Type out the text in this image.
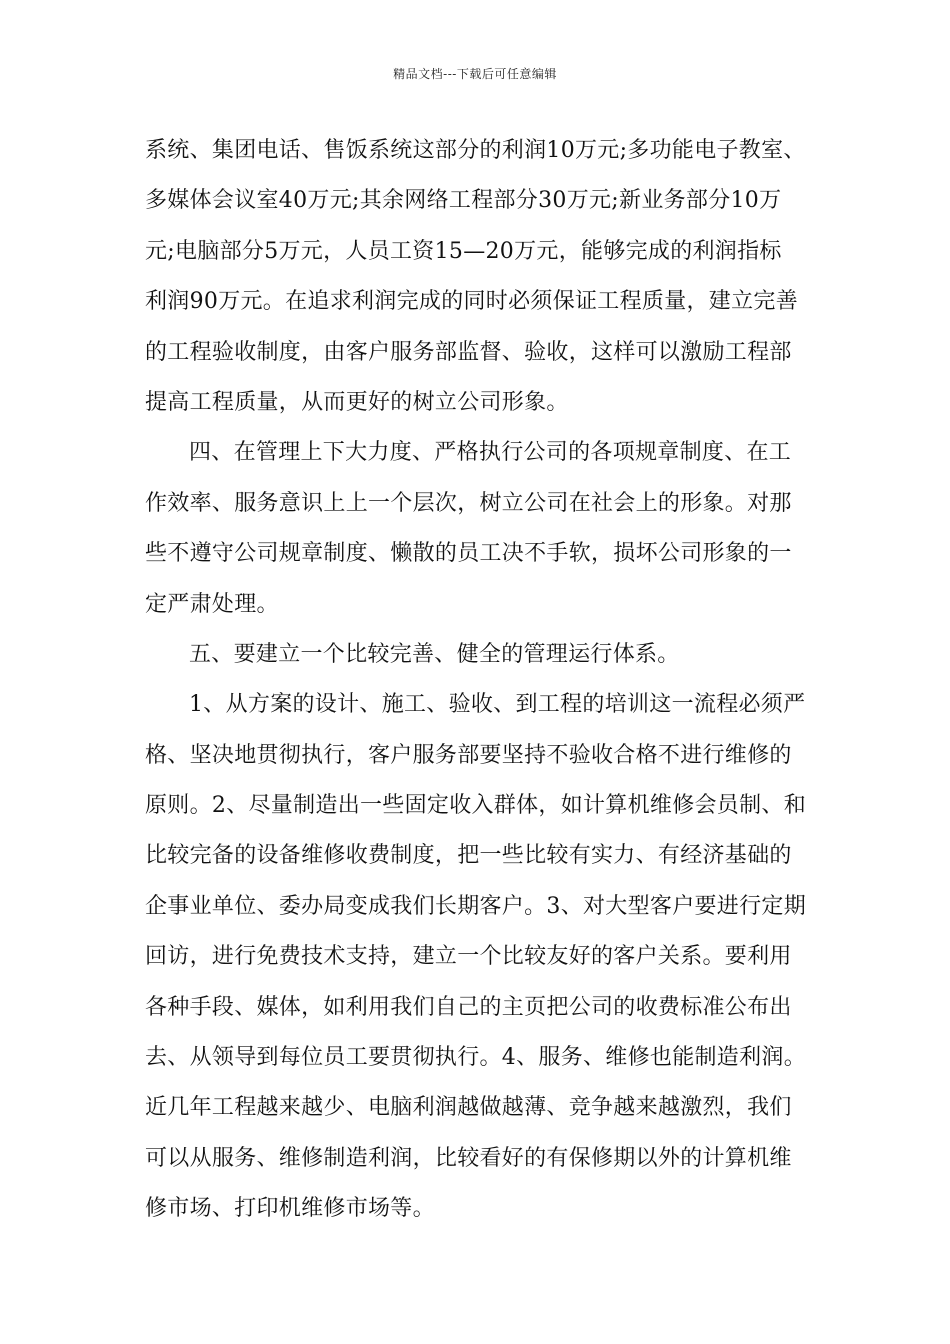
精品文档---下载后可任意编辑
系统、集团电话、售饭系统这部分的利润10万元;多功能电子教室、
多媒体会议室40万元;其余网络工程部分30万元;新业务部分10万
元;电脑部分5万元，人员工资15—20万元，能够完成的利润指标
利润90万元。在追求利润完成的同时必须保证工程质量，建立完善
的工程验收制度，由客户服务部监督、验收，这样可以激励工程部
提高工程质量，从而更好的树立公司形象。
四、在管理上下大力度、严格执行公司的各项规章制度、在工
作效率、服务意识上上一个层次，树立公司在社会上的形象。对那
些不遵守公司规章制度、懒散的员工决不手软，损坏公司形象的一
定严肃处理。
五、要建立一个比较完善、健全的管理运行体系。
1、从方案的设计、施工、验收、到工程的培训这一流程必须严
格、坚决地贯彻执行，客户服务部要坚持不验收合格不进行维修的
原则。2、尽量制造出一些固定收入群体，如计算机维修会员制、和
比较完备的设备维修收费制度，把一些比较有实力、有经济基础的
企事业单位、委办局变成我们长期客户。3、对大型客户要进行定期
回访，进行免费技术支持，建立一个比较友好的客户关系。要利用
各种手段、媒体，如利用我们自己的主页把公司的收费标准公布出
去、从领导到每位员工要贯彻执行。4、服务、维修也能制造利润。
近几年工程越来越少、电脑利润越做越薄、竞争越来越激烈，我们
可以从服务、维修制造利润，比较看好的有保修期以外的计算机维
修市场、打印机维修市场等。
